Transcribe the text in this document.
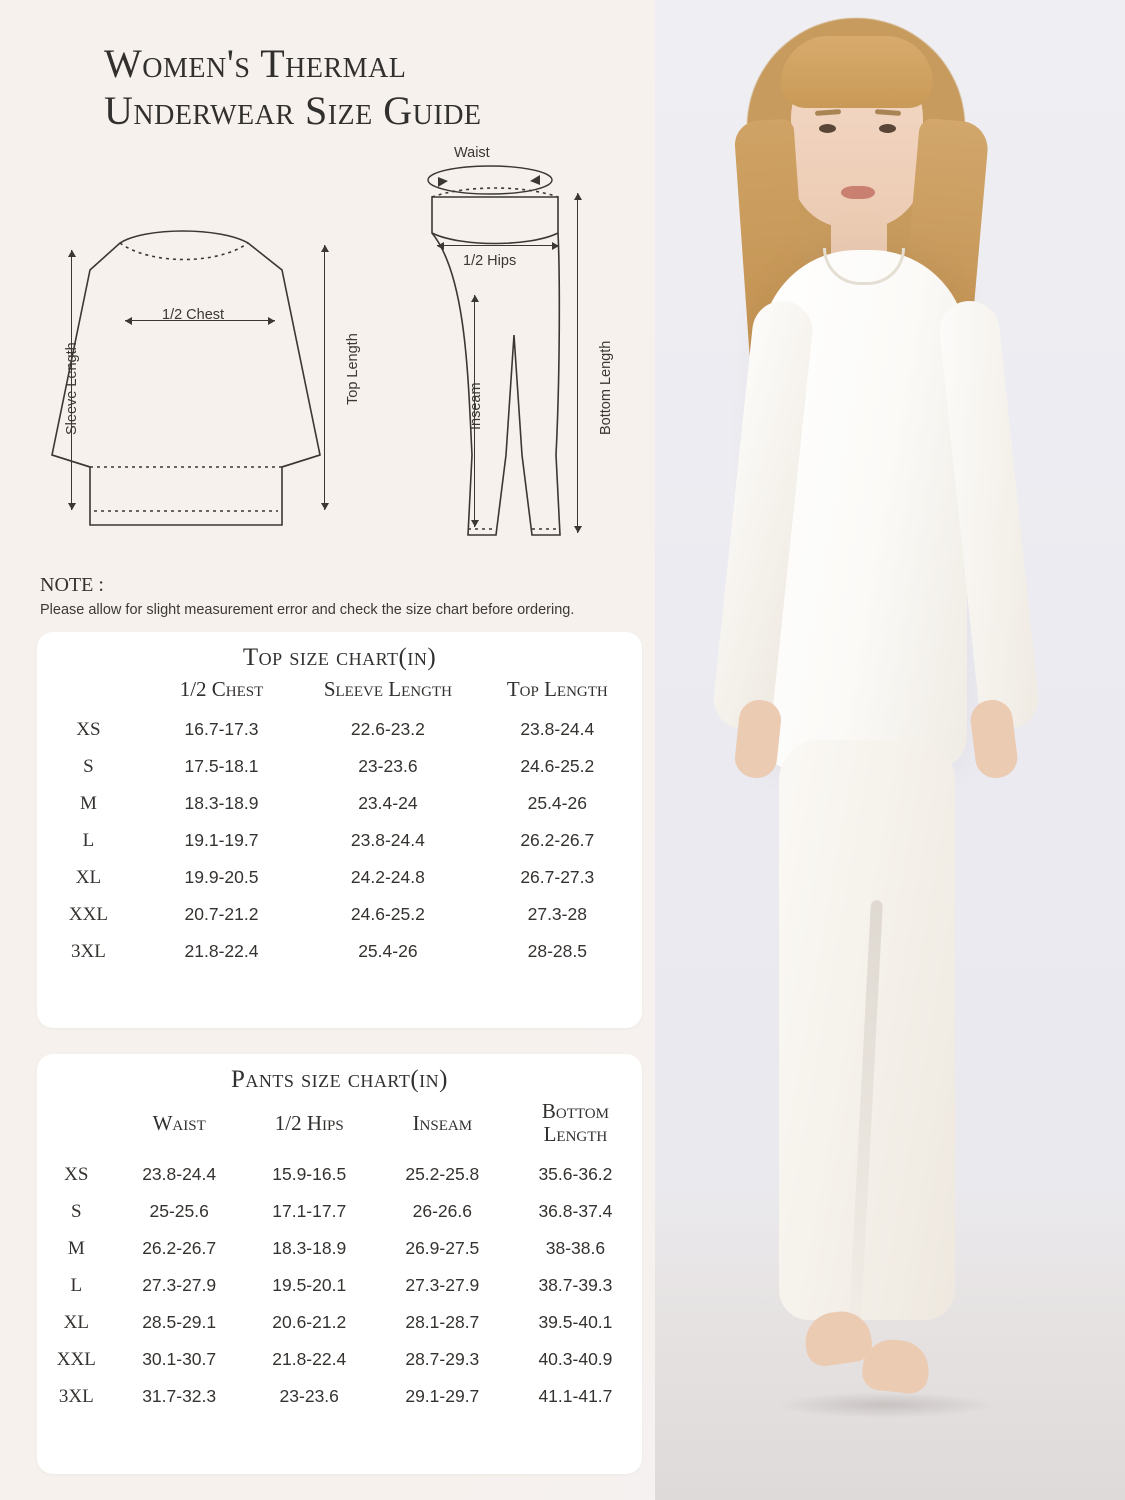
Women's Thermal
Underwear Size Guide
1/2 Chest
Sleeve Length	Top Length
Waist
1/2 Hips
Inseam	Bottom Length
NOTE :
Please allow for slight measurement error and check the size chart before ordering.
Top size chart(in)
	1/2 Chest	Sleeve Length	Top Length
XS	16.7-17.3	22.6-23.2	23.8-24.4
S	17.5-18.1	23-23.6	24.6-25.2
M	18.3-18.9	23.4-24	25.4-26
L	19.1-19.7	23.8-24.4	26.2-26.7
XL	19.9-20.5	24.2-24.8	26.7-27.3
XXL	20.7-21.2	24.6-25.2	27.3-28
3XL	21.8-22.4	25.4-26	28-28.5
Pants size chart(in)
	Waist	1/2 Hips	Inseam	Bottom Length
XS	23.8-24.4	15.9-16.5	25.2-25.8	35.6-36.2
S	25-25.6	17.1-17.7	26-26.6	36.8-37.4
M	26.2-26.7	18.3-18.9	26.9-27.5	38-38.6
L	27.3-27.9	19.5-20.1	27.3-27.9	38.7-39.3
XL	28.5-29.1	20.6-21.2	28.1-28.7	39.5-40.1
XXL	30.1-30.7	21.8-22.4	28.7-29.3	40.3-40.9
3XL	31.7-32.3	23-23.6	29.1-29.7	41.1-41.7
